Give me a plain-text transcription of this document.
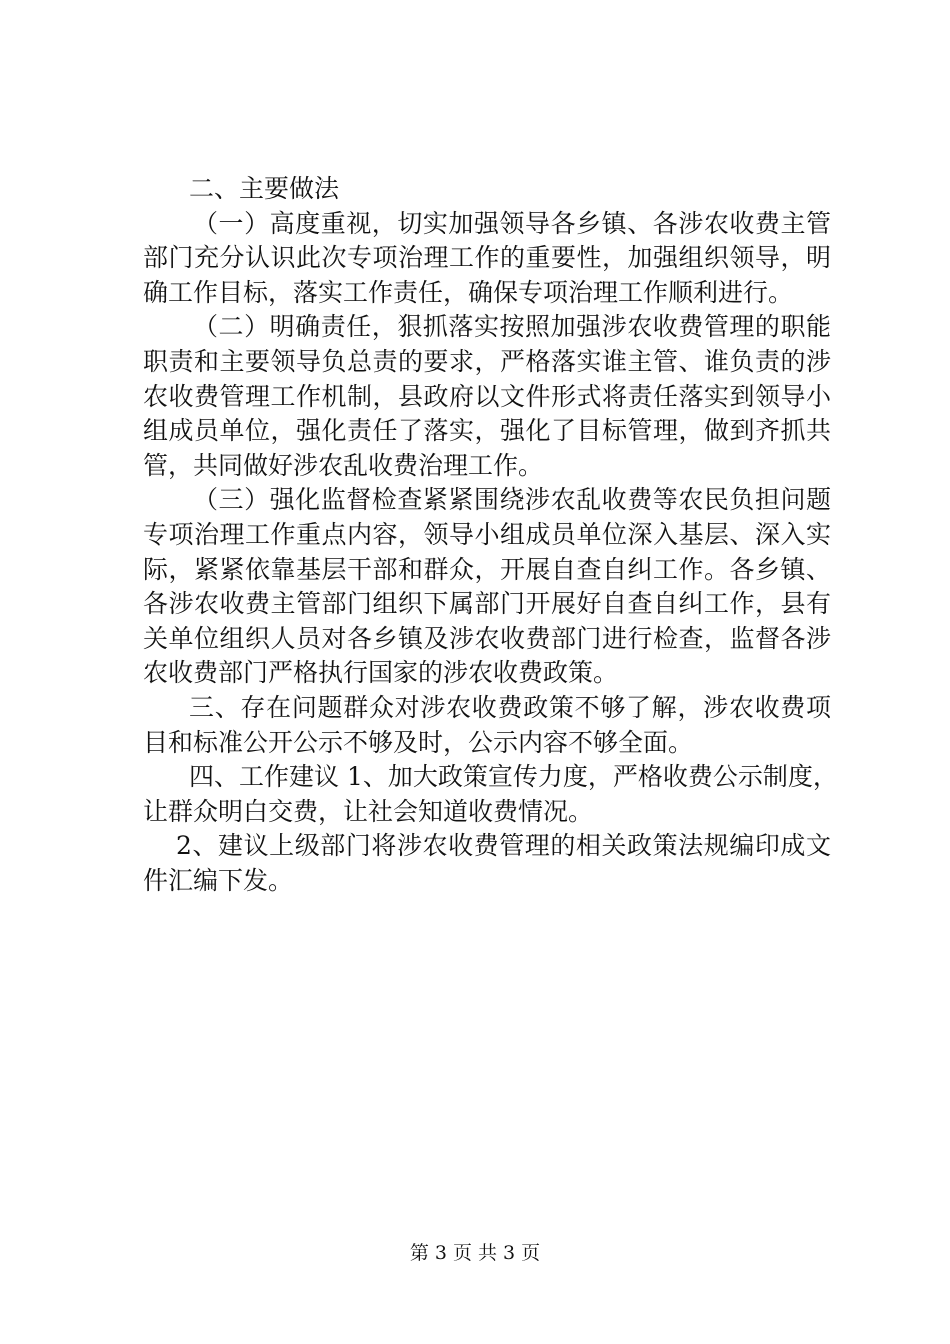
二、主要做法
（一）高度重视，切实加强领导各乡镇、各涉农收费主管
部门充分认识此次专项治理工作的重要性，加强组织领导，明
确工作目标，落实工作责任，确保专项治理工作顺利进行。
（二）明确责任，狠抓落实按照加强涉农收费管理的职能
职责和主要领导负总责的要求，严格落实谁主管、谁负责的涉
农收费管理工作机制，县政府以文件形式将责任落实到领导小
组成员单位，强化责任了落实，强化了目标管理，做到齐抓共
管，共同做好涉农乱收费治理工作。
（三）强化监督检查紧紧围绕涉农乱收费等农民负担问题
专项治理工作重点内容，领导小组成员单位深入基层、深入实
际，紧紧依靠基层干部和群众，开展自查自纠工作。各乡镇、
各涉农收费主管部门组织下属部门开展好自查自纠工作，县有
关单位组织人员对各乡镇及涉农收费部门进行检查，监督各涉
农收费部门严格执行国家的涉农收费政策。
三、存在问题群众对涉农收费政策不够了解，涉农收费项
目和标准公开公示不够及时，公示内容不够全面。
四、工作建议 1、加大政策宣传力度，严格收费公示制度，
让群众明白交费，让社会知道收费情况。
2、建议上级部门将涉农收费管理的相关政策法规编印成文
件汇编下发。
第 3 页 共 3 页
